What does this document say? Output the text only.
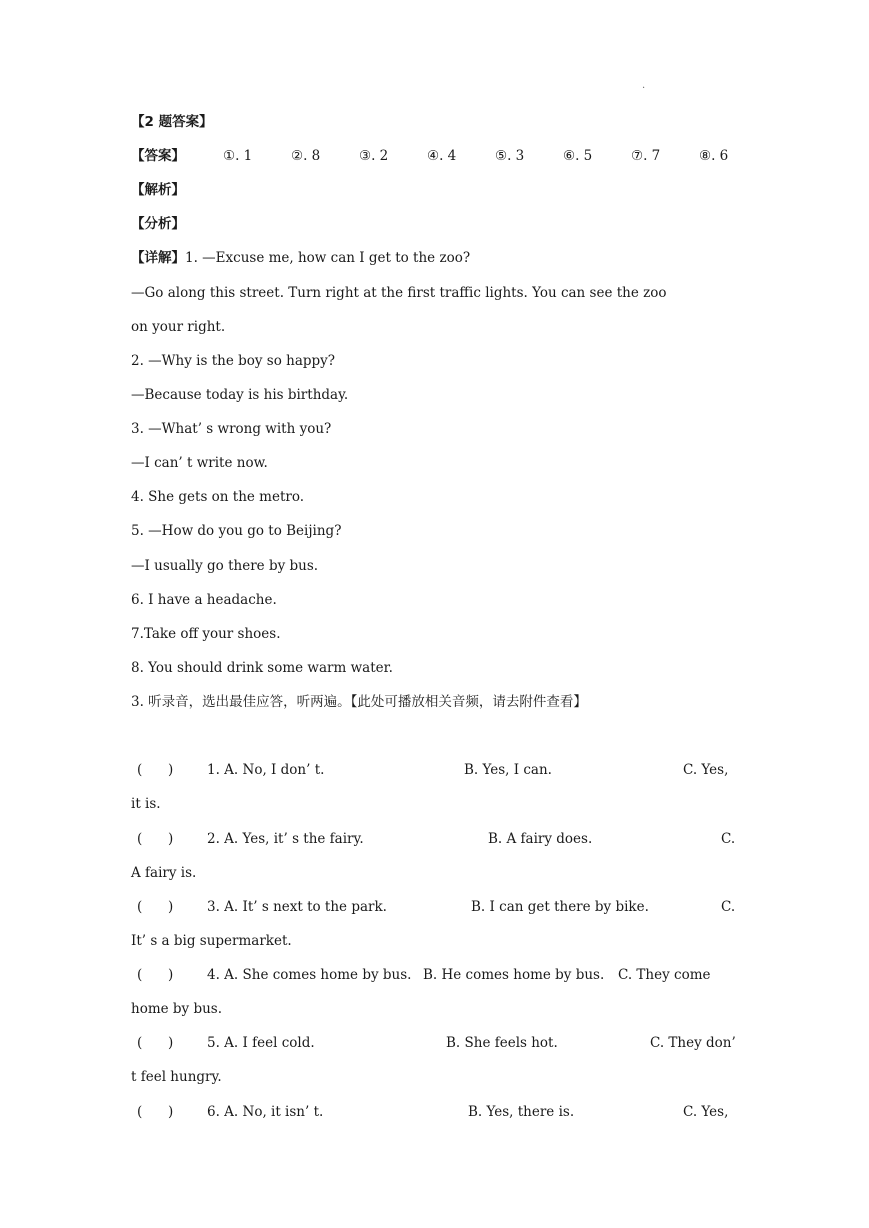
.
【2 题答案】

【答案】

	①. 1

	②. 8

	③. 2

	④. 4

	⑤. 3

	⑥. 5

	⑦. 7

	⑧. 6

【解析】
【分析】
【详解】1. —Excuse me, how can I get to the zoo?
—Go along this street. Turn right at the first traffic lights. You can see the zoo
on your right.
2. —Why is the boy so happy?
—Because today is his birthday.
3. —What’ s wrong with you?
—I can’ t write now.
4. She gets on the metro.
5. —How do you go to Beijing?
—I usually go there by bus.
6. I have a headache.
7.Take off your shoes.
8. You should drink some warm water.
3. 听录音，选出最佳应答，听两遍。【此处可播放相关音频，请去附件查看】
(      ) 1. A. No, I don’ t.	B. Yes, I can.	C. Yes,
it is.
(      ) 2. A. Yes, it’ s the fairy.	B. A fairy does.	C.
A fairy is.
(      ) 3. A. It’ s next to the park.	B. I can get there by bike.	C.
It’ s a big supermarket.
(      ) 4. A. She comes home by bus. B. He comes home by bus. C. They come
home by bus.
(      ) 5. A. I feel cold.	B. She feels hot.	C. They don’
t feel hungry.
(      ) 6. A. No, it isn’ t.	B. Yes, there is.	C. Yes,
